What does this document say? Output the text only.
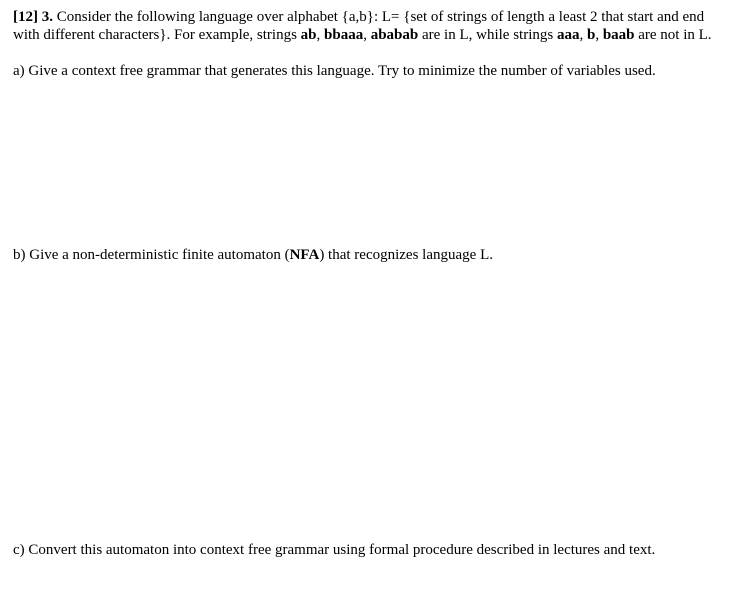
[12] 3. Consider the following language over alphabet {a,b}: L= {set of strings of length a least 2 that start and end with different characters}. For example, strings ab, bbaaa, ababab are in L, while strings aaa, b, baab are not in L.

a) Give a context free grammar that generates this language. Try to minimize the number of variables used.

b) Give a non-deterministic finite automaton (NFA) that recognizes language L.

c) Convert this automaton into context free grammar using formal procedure described in lectures and text.
